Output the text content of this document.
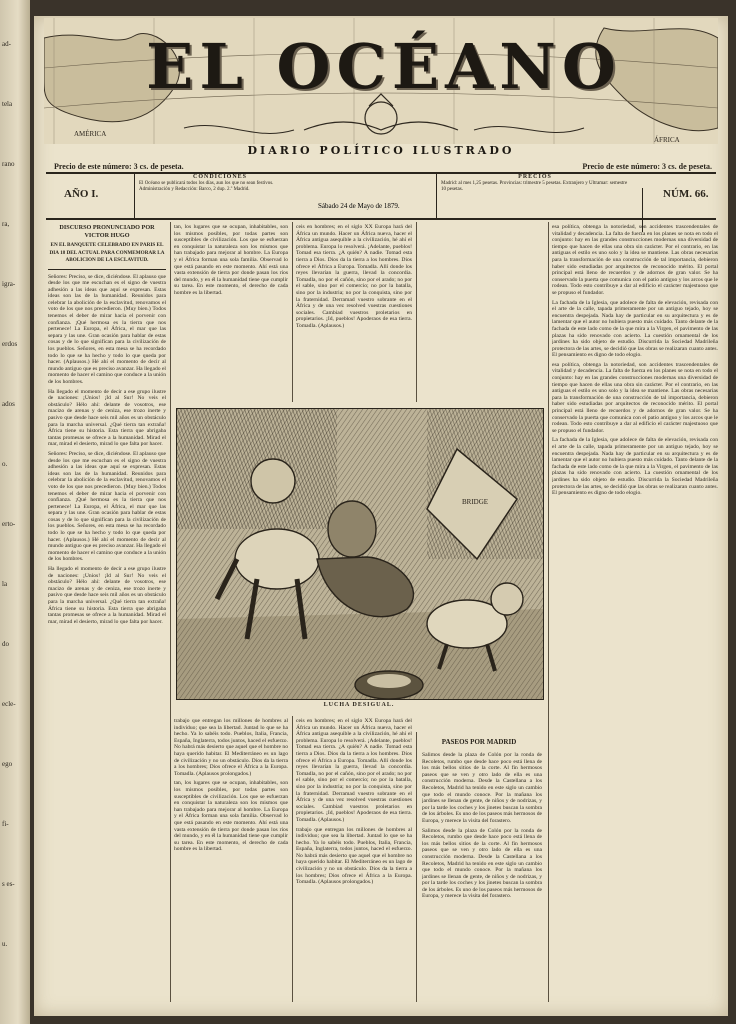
ad-
tela
rano
ra,
igra-
erdos
ados
o.
erto-
la
do
ecle-
ego
fi-
s es-
u.
AMÉRICA
ÁFRICA
EL OCÉANO
DIARIO POLÍTICO ILUSTRADO
Precio de este número: 3 cs. de peseta.	Precio de este número: 3 cs. de peseta.
AÑO I.
CONDICIONES
El Océano se publicará todos los días, aun los que no sean festivos. Administración y Redacción: Barco, 2 dup. 2.º Madrid.
Sábado 24 de Mayo de 1879.
PRECIOS
Madrid: al mes 1,25 pesetas. Provincias: trimestre 5 pesetas. Extranjero y Ultramar: semestre 10 pesetas.	NÚM. 66.
DISCURSO PRONUNCIADO POR VICTOR HUGO
EN EL BANQUETE CELEBRADO EN PARIS EL DIA 18 DEL ACTUAL PARA CONMEMORAR LA ABOLICION DE LA ESCLAVITUD.

Señores: Preciso, se dice, diciéndose. El aplauso que desde los que me escuchan es el signo de vuestra adhesión a las ideas que aquí se expresan. Estas ideas son las de la humanidad. Reunidos para celebrar la abolición de la esclavitud, renovamos el voto de los que nos precedieron. (Muy bien.) Todos tenemos el deber de mirar hacia el porvenir con confianza. ¡Qué hermosa es la tierra que nos pertenece! La Europa, el África, el mar que las separa y las une. Gran ocasión para hablar de estas cosas y de lo que significan para la civilización de los pueblos. Señores, en esta mesa se ha recordado todo lo que se ha hecho y todo lo que queda por hacer. (Aplausos.) Hé ahí el momento de decir al mundo antiguo que es preciso avanzar. Ha llegado el momento de hacer el camino que conduce a la unión de los hombres.

Ha llegado el momento de decir a ese grupo ilustre de naciones: ¡Unios! ¡Id al Sur! No veis el obstáculo? Hélo ahí: delante de vosotros, ese macizo de arenas y de ceniza, ese trozo inerte y pasivo que desde hace seis mil años es un obstáculo para la marcha universal. ¿Qué tierra tan extraña! África tiene su historia. Esta tierra que abrigaba tantas promesas se ofrece a la humanidad. Mirad el mar, mirad el desierto, mirad lo que falta por hacer.

Señores: Preciso, se dice, diciéndose. El aplauso que desde los que me escuchan es el signo de vuestra adhesión a las ideas que aquí se expresan. Estas ideas son las de la humanidad. Reunidos para celebrar la abolición de la esclavitud, renovamos el voto de los que nos precedieron. (Muy bien.) Todos tenemos el deber de mirar hacia el porvenir con confianza. ¡Qué hermosa es la tierra que nos pertenece! La Europa, el África, el mar que las separa y las une. Gran ocasión para hablar de estas cosas y de lo que significan para la civilización de los pueblos. Señores, en esta mesa se ha recordado todo lo que se ha hecho y todo lo que queda por hacer. (Aplausos.) Hé ahí el momento de decir al mundo antiguo que es preciso avanzar. Ha llegado el momento de hacer el camino que conduce a la unión de los hombres.

Ha llegado el momento de decir a ese grupo ilustre de naciones: ¡Unios! ¡Id al Sur! No veis el obstáculo? Hélo ahí: delante de vosotros, ese macizo de arenas y de ceniza, ese trozo inerte y pasivo que desde hace seis mil años es un obstáculo para la marcha universal. ¿Qué tierra tan extraña! África tiene su historia. Esta tierra que abrigaba tantas promesas se ofrece a la humanidad. Mirad el mar, mirad el desierto, mirad lo que falta por hacer.

tan, los lugares que se ocupan, inhabitables, son los mismos posibles, por todas partes son susceptibles de civilización. Los que se esfuerzan en conquistar la naturaleza son los mismos que han trabajado para mejorar al hombre. La Europa y el África forman una sola familia. Observad lo que está pasando en este momento. Ahí está una vasta extensión de tierra por donde pasan los ríos del mundo, y en él la humanidad tiene que cumplir su tarea. En este momento, el derecho de cada hombre es la libertad.

ceis en hombres; en el siglo XX Europa hará del África un mundo. Hacer un África nueva, hacer el África antigua asequible a la civilización, hé ahí el problema. Europa lo resolverá. ¡Adelante, pueblos! Tomad esa tierra. ¿A quién? A nadie. Tomad esta tierra a Dios. Dios da la tierra a los hombres. Dios ofrece el África a Europa. Tomadla. Allí donde los reyes llevarían la guerra, llevad la concordia. Tomadla, no por el cañón, sino por el arado; no por el sable, sino por el comercio; no por la batalla, sino por la industria; no por la conquista, sino por la fraternidad. Derramad vuestro sobrante en el África y de una vez resolved vuestras cuestiones sociales. Cambiad vuestros proletarios en propietarios. ¡Id, pueblos! Apoderaos de esa tierra. Tomadla. (Aplausos.)

esa política, obtenga la notoriedad, son accidentes trascendentales de vitalidad y decadencia. La falta de fuerza en los planes se nota en todo el conjunto: hay en las grandes construcciones modernas una diversidad de tiempo que hacen de ellas una obra sin carácter. Por el contrario, en las antiguas el estilo es uno solo y la idea se mantiene. Las obras necesarias para la transformación de una construcción de tal importancia, debieron haber sido estudiadas por arquitectos de reconocido mérito. El portal principal está lleno de recuerdos y de adornos de gran valor. Se ha conservado la puerta que comunica con el patio antiguo y los arcos que le rodean. Todo esto contribuye a dar al edificio el carácter majestuoso que se propuso el fundador.

La fachada de la Iglesia, que adolece de falta de elevación, revisada con el arte de la calle, tapada primeramente por un antiguo tejado, hoy se encuentra despejada. Nada hay de particular en su arquitectura y es de lamentar que el autor no hubiera puesto más cuidado. Tanto delante de la fachada de este lado como de la que mira a la Virgen, el pavimento de las plazas ha sido renovado con acierto. La cuestión ornamental de los jardines ha sido objeto de estudio. Discurrida la Sociedad Madrileña protectora de las artes, se decidió que las obras se realizaran cuanto antes. El pensamiento es digno de todo elogio.

esa política, obtenga la notoriedad, son accidentes trascendentales de vitalidad y decadencia. La falta de fuerza en los planes se nota en todo el conjunto: hay en las grandes construcciones modernas una diversidad de tiempo que hacen de ellas una obra sin carácter. Por el contrario, en las antiguas el estilo es uno solo y la idea se mantiene. Las obras necesarias para la transformación de una construcción de tal importancia, debieron haber sido estudiadas por arquitectos de reconocido mérito. El portal principal está lleno de recuerdos y de adornos de gran valor. Se ha conservado la puerta que comunica con el patio antiguo y los arcos que le rodean. Todo esto contribuye a dar al edificio el carácter majestuoso que se propuso el fundador.

La fachada de la Iglesia, que adolece de falta de elevación, revisada con el arte de la calle, tapada primeramente por un antiguo tejado, hoy se encuentra despejada. Nada hay de particular en su arquitectura y es de lamentar que el autor no hubiera puesto más cuidado. Tanto delante de la fachada de este lado como de la que mira a la Virgen, el pavimento de las plazas ha sido renovado con acierto. La cuestión ornamental de los jardines ha sido objeto de estudio. Discurrida la Sociedad Madrileña protectora de las artes, se decidió que las obras se realizaran cuanto antes. El pensamiento es digno de todo elogio.

BRIDGE
LUCHA DESIGUAL.

trabajo que entregan los millones de hombres al individuo; que sea la libertad. Juntad lo que se ha hecho. Ya lo sabéis todo. Pueblos, Italia, Francia, España, Inglaterra, todos juntos, haced el esfuerzo. No habrá más desierto que aquel que el hombre no haya querido habitar. El Mediterráneo es un lago de civilización y no un obstáculo. Dios da la tierra a los hombres; Dios ofrece el África a la Europa. Tomadla. (Aplausos prolongados.)

tan, los lugares que se ocupan, inhabitables, son los mismos posibles, por todas partes son susceptibles de civilización. Los que se esfuerzan en conquistar la naturaleza son los mismos que han trabajado para mejorar al hombre. La Europa y el África forman una sola familia. Observad lo que está pasando en este momento. Ahí está una vasta extensión de tierra por donde pasan los ríos del mundo, y en él la humanidad tiene que cumplir su tarea. En este momento, el derecho de cada hombre es la libertad.

ceis en hombres; en el siglo XX Europa hará del África un mundo. Hacer un África nueva, hacer el África antigua asequible a la civilización, hé ahí el problema. Europa lo resolverá. ¡Adelante, pueblos! Tomad esa tierra. ¿A quién? A nadie. Tomad esta tierra a Dios. Dios da la tierra a los hombres. Dios ofrece el África a Europa. Tomadla. Allí donde los reyes llevarían la guerra, llevad la concordia. Tomadla, no por el cañón, sino por el arado; no por el sable, sino por el comercio; no por la batalla, sino por la industria; no por la conquista, sino por la fraternidad. Derramad vuestro sobrante en el África y de una vez resolved vuestras cuestiones sociales. Cambiad vuestros proletarios en propietarios. ¡Id, pueblos! Apoderaos de esa tierra. Tomadla. (Aplausos.)

trabajo que entregan los millones de hombres al individuo; que sea la libertad. Juntad lo que se ha hecho. Ya lo sabéis todo. Pueblos, Italia, Francia, España, Inglaterra, todos juntos, haced el esfuerzo. No habrá más desierto que aquel que el hombre no haya querido habitar. El Mediterráneo es un lago de civilización y no un obstáculo. Dios da la tierra a los hombres; Dios ofrece el África a la Europa. Tomadla. (Aplausos prolongados.)

PASEOS POR MADRID

Salimos desde la plaza de Colón por la ronda de Recoletos, rumbo que desde hace poco está llena de los más bellos sitios de la corte. Al fin hermosos paseos que se ven y otro lado de ella es una construcción moderna. Desde la Castellana a los Recoletos, Madrid ha tenido en este siglo un cambio que todo el mundo conoce. Por la mañana los jardines se llenan de gente, de niños y de nodrizas, y por la tarde los coches y los jinetes buscan la sombra de los árboles. Es uno de los paseos más hermosos de Europa, y merece la visita del forastero.

Salimos desde la plaza de Colón por la ronda de Recoletos, rumbo que desde hace poco está llena de los más bellos sitios de la corte. Al fin hermosos paseos que se ven y otro lado de ella es una construcción moderna. Desde la Castellana a los Recoletos, Madrid ha tenido en este siglo un cambio que todo el mundo conoce. Por la mañana los jardines se llenan de gente, de niños y de nodrizas, y por la tarde los coches y los jinetes buscan la sombra de los árboles. Es uno de los paseos más hermosos de Europa, y merece la visita del forastero.
